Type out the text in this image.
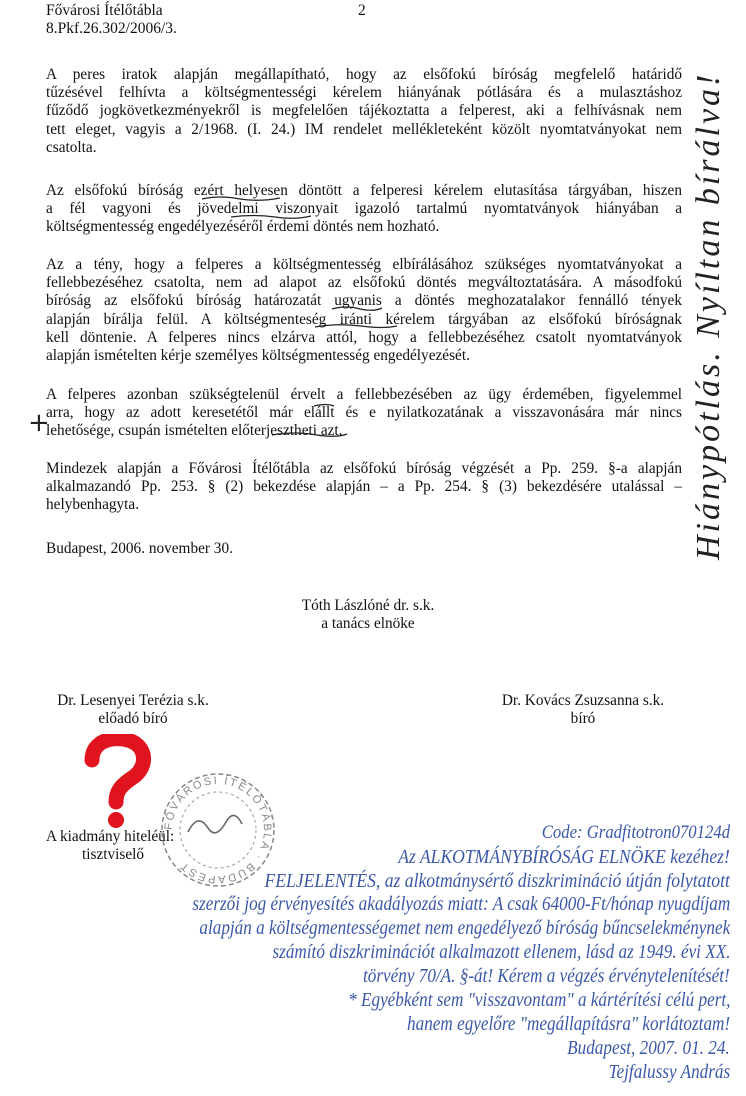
Fővárosi Ítélőtábla
8.Pkf.26.302/2006/3.
2
A peres iratok alapján megállapítható, hogy az elsőfokú bíróság megfelelő határidő
tűzésével felhívta a költségmentességi kérelem hiányának pótlására és a mulasztáshoz
fűződő jogkövetkezményekről is megfelelően tájékoztatta a felperest, aki a felhívásnak nem
tett eleget, vagyis a 2/1968. (I. 24.) IM rendelet mellékleteként közölt nyomtatványokat nem
csatolta.
Az elsőfokú bíróság ezért helyesen döntött a felperesi kérelem elutasítása tárgyában, hiszen
a fél vagyoni és jövedelmi viszonyait igazoló tartalmú nyomtatványok hiányában a
költségmentesség engedélyezéséről érdemi döntés nem hozható.
Az a tény, hogy a felperes a költségmentesség elbírálásához szükséges nyomtatványokat a
fellebbezéséhez csatolta, nem ad alapot az elsőfokú döntés megváltoztatására. A másodfokú
bíróság az elsőfokú bíróság határozatát ugyanis a döntés meghozatalakor fennálló tények
alapján bírálja felül. A költségmenteség iránti kérelem tárgyában az elsőfokú bíróságnak
kell döntenie. A felperes nincs elzárva attól, hogy a fellebbezéséhez csatolt nyomtatványok
alapján ismételten kérje személyes költségmentesség engedélyezését.
A felperes azonban szükségtelenül érvelt a fellebbezésében az ügy érdemében, figyelemmel
arra, hogy az adott keresetétől már elállt és e nyilatkozatának a visszavonására már nincs
lehetősége, csupán ismételten előterjesztheti azt.
Mindezek alapján a Fővárosi Ítélőtábla az elsőfokú bíróság végzését a Pp. 259. §-a alapján
alkalmazandó Pp. 253. § (2) bekezdése alapján – a Pp. 254. § (3) bekezdésére utalással –
helybenhagyta.
+	Hiánypótlás. Nyíltan bírálva!
Budapest, 2006. november 30.
Tóth Lászlóné dr. s.k.
a tanács elnöke
Dr. Lesenyei Terézia s.k.
előadó bíró
Dr. Kovács Zsuzsanna s.k.
bíró
FŐVÁROSI ÍTÉLŐTÁBLA · BUDAPEST
A kiadmány hiteléül:
tisztviselő
Code: Gradfitotron070124d
Az ALKOTMÁNYBÍRÓSÁG ELNÖKE kezéhez!
FELJELENTÉS, az alkotmánysértő diszkrimináció útján folytatott
szerzői jog érvényesítés akadályozás miatt: A csak 64000-Ft/hónap nyugdíjam
alapján a költségmentességemet nem engedélyező bíróság bűncselekménynek
számító diszkriminációt alkalmazott ellenem, lásd az 1949. évi XX.
törvény 70/A. §-át! Kérem a végzés érvénytelenítését!
* Egyébként sem "visszavontam" a kártérítési célú pert,
hanem egyelőre "megállapításra" korlátoztam!
Budapest, 2007. 01. 24.
Tejfalussy András
